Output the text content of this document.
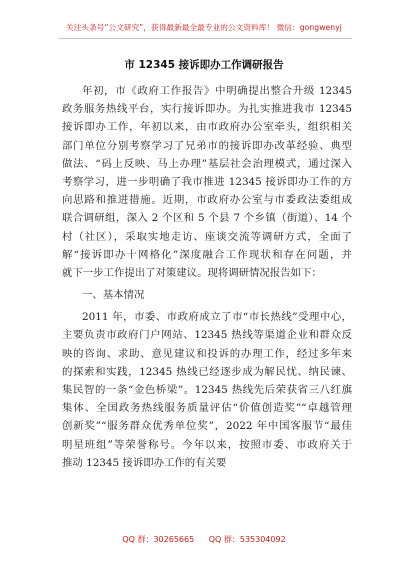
关注头条号“公文研究”，获得最新最全最专业的公文资料库！ 微信：gongwenyj
市 12345 接诉即办工作调研报告
年初，市《政府工作报告》中明确提出整合升级 12345
政务服务热线平台，实行接诉即办。为扎实推进我市 12345
接诉即办工作，年初以来，由市政府办公室牵头，组织相关
部门单位分别考察学习了兄弟市的接诉即办改革经验、典型
做法、“码上反映、马上办理”基层社会治理模式，通过深入
考察学习，进一步明确了我市推进 12345 接诉即办工作的方
向思路和推进措施。近期，市政府办公室与市委政法委组成
联合调研组，深入 2 个区和 5 个县 7 个乡镇（街道）、14 个
村（社区），采取实地走访、座谈交流等调研方式，全面了
解“接诉即办十网格化”深度融合工作现状和存在问题，并
就下一步工作提出了对策建议。现将调研情况报告如下：
一、基本情况
2011 年，市委、市政府成立了市“市长热线”受理中心，
主要负责市政府门户网站、12345 热线等渠道企业和群众反
映的咨询、求助、意见建议和投诉的办理工作，经过多年来
的探索和实践，12345 热线已经逐步成为解民忧、纳民谏、
集民智的一条“金色桥梁”。12345 热线先后荣获省三八红旗
集体、全国政务热线服务质量评估“价值创造奖”“卓越管理
创新奖”“服务群众优秀单位奖”，2022 年中国客服节“最佳
明星班组”等荣誉称号。今年以来，按照市委、市政府关于
推动 12345 接诉即办工作的有关要
QQ 群：30265665 QQ 群：535304092
